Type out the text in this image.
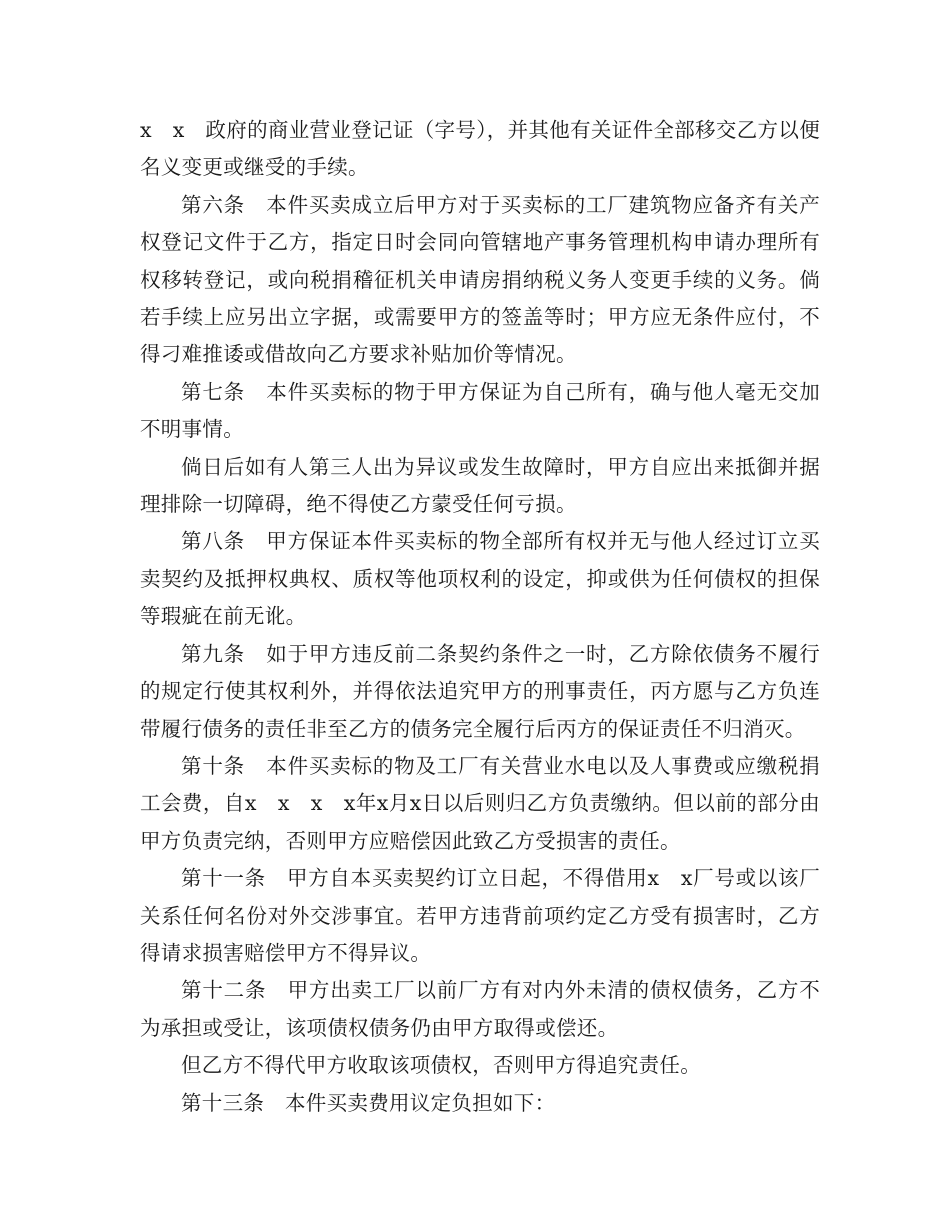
x　x　政府的商业营业登记证（字号），并其他有关证件全部移交乙方以便名义变更或继受的手续。

第六条　本件买卖成立后甲方对于买卖标的工厂建筑物应备齐有关产权登记文件于乙方，指定日时会同向管辖地产事务管理机构申请办理所有权移转登记，或向税捐稽征机关申请房捐纳税义务人变更手续的义务。倘若手续上应另出立字据，或需要甲方的签盖等时；甲方应无条件应付，不得刁难推诿或借故向乙方要求补贴加价等情况。

第七条　本件买卖标的物于甲方保证为自己所有，确与他人毫无交加不明事情。

倘日后如有人第三人出为异议或发生故障时，甲方自应出来抵御并据理排除一切障碍，绝不得使乙方蒙受任何亏损。

第八条　甲方保证本件买卖标的物全部所有权并无与他人经过订立买卖契约及抵押权典权、质权等他项权利的设定，抑或供为任何债权的担保等瑕疵在前无讹。

第九条　如于甲方违反前二条契约条件之一时，乙方除依债务不履行的规定行使其权利外，并得依法追究甲方的刑事责任，丙方愿与乙方负连带履行债务的责任非至乙方的债务完全履行后丙方的保证责任不归消灭。

第十条　本件买卖标的物及工厂有关营业水电以及人事费或应缴税捐工会费，自x　x　x　x年x月x日以后则归乙方负责缴纳。但以前的部分由甲方负责完纳，否则甲方应赔偿因此致乙方受损害的责任。

第十一条　甲方自本买卖契约订立日起，不得借用x　x厂号或以该厂关系任何名份对外交涉事宜。若甲方违背前项约定乙方受有损害时，乙方得请求损害赔偿甲方不得异议。

第十二条　甲方出卖工厂以前厂方有对内外未清的债权债务，乙方不为承担或受让，该项债权债务仍由甲方取得或偿还。

但乙方不得代甲方收取该项债权，否则甲方得追究责任。

第十三条　本件买卖费用议定负担如下：
